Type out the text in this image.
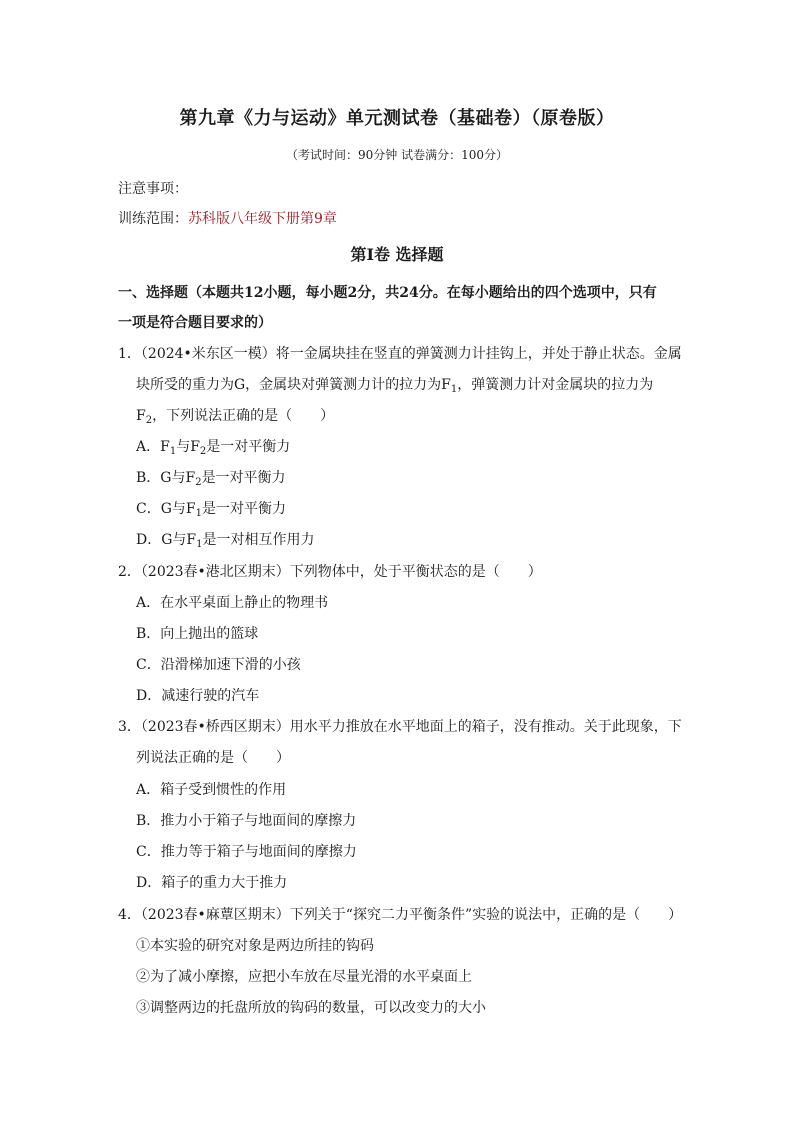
第九章《力与运动》单元测试卷（基础卷）（原卷版）
（考试时间：90分钟 试卷满分：100分）
注意事项：
训练范围：苏科版八年级下册第9章
第Ⅰ卷 选择题
一、选择题（本题共12小题，每小题2分，共24分。在每小题给出的四个选项中，只有
一项是符合题目要求的）
1．（2024•米东区一模）将一金属块挂在竖直的弹簧测力计挂钩上，并处于静止状态。金属
块所受的重力为G，金属块对弹簧测力计的拉力为$F_1$，弹簧测力计对金属块的拉力为
$F_2$，下列说法正确的是（　　）
A．$F_1$与$F_2$是一对平衡力
B．G与$F_2$是一对平衡力
C．G与$F_1$是一对平衡力
D．G与$F_1$是一对相互作用力
2．（2023春•港北区期末）下列物体中，处于平衡状态的是（　　）
A．在水平桌面上静止的物理书
B．向上抛出的篮球
C．沿滑梯加速下滑的小孩
D．减速行驶的汽车
3．（2023春•桥西区期末）用水平力推放在水平地面上的箱子，没有推动。关于此现象，下
列说法正确的是（　　）
A．箱子受到惯性的作用
B．推力小于箱子与地面间的摩擦力
C．推力等于箱子与地面间的摩擦力
D．箱子的重力大于推力
4．（2023春•麻蕈区期末）下列关于“探究二力平衡条件”实验的说法中，正确的是（　　）
①本实验的研究对象是两边所挂的钩码
②为了减小摩擦，应把小车放在尽量光滑的水平桌面上
③调整两边的托盘所放的钩码的数量，可以改变力的大小
